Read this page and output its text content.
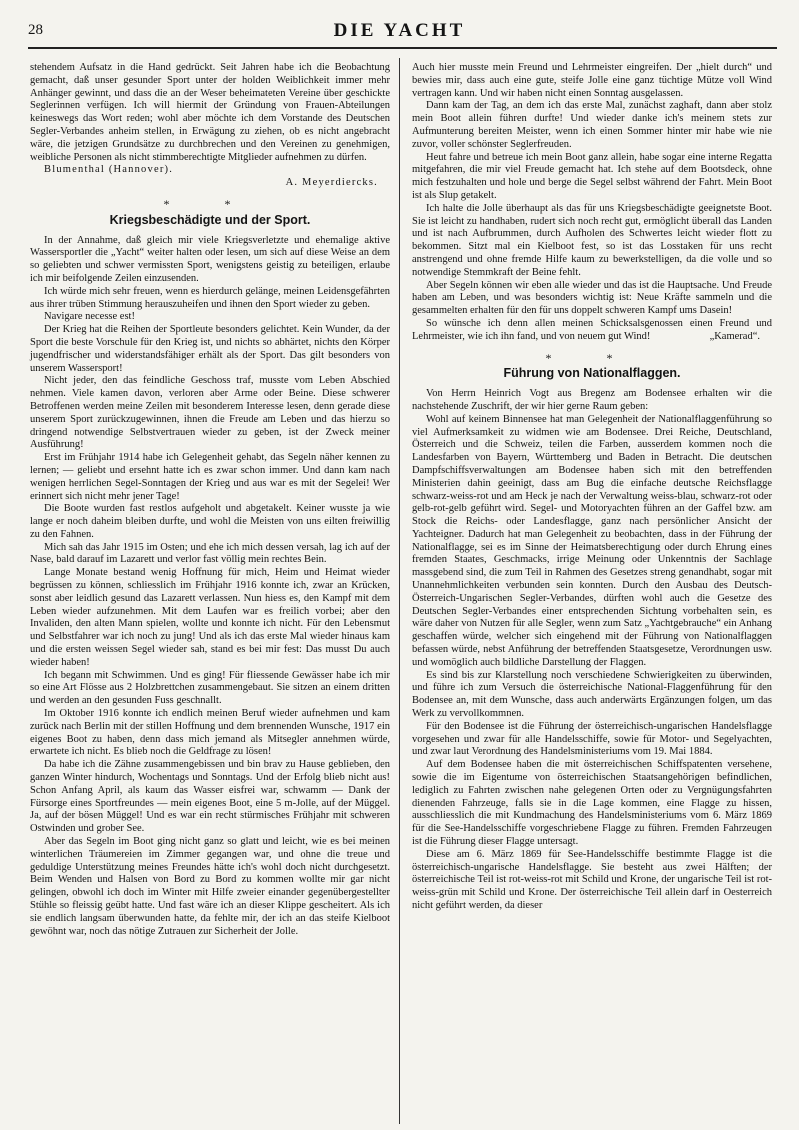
28	DIE YACHT

stehendem Aufsatz in die Hand gedrückt. Seit Jahren habe ich die Beobachtung gemacht, daß unser gesunder Sport unter der holden Weiblichkeit immer mehr Anhänger gewinnt, und dass die an der Weser beheimateten Vereine über geschickte Seglerinnen verfügen. Ich will hiermit der Gründung von Frauen-Abteilungen keineswegs das Wort reden; wohl aber möchte ich dem Vorstande des Deutschen Segler-Verbandes anheim stellen, in Erwägung zu ziehen, ob es nicht angebracht wäre, die jetzigen Grundsätze zu durchbrechen und den Vereinen zu genehmigen, weibliche Personen als nicht stimmberechtigte Mitglieder aufnehmen zu dürfen.

Blumenthal (Hannover).

A. Meyerdiercks.

* *
Kriegsbeschädigte und der Sport.

In der Annahme, daß gleich mir viele Kriegsverletzte und ehemalige aktive Wassersportler die „Yacht“ weiter halten oder lesen, um sich auf diese Weise an dem so geliebten und schwer vermissten Sport, wenigstens geistig zu beteiligen, erlaube ich mir beifolgende Zeilen einzusenden.

Ich würde mich sehr freuen, wenn es hierdurch gelänge, meinen Leidensgefährten aus ihrer trüben Stimmung herauszuheifen und ihnen den Sport wieder zu geben.

Navigare necesse est!

Der Krieg hat die Reihen der Sportleute besonders gelichtet. Kein Wunder, da der Sport die beste Vorschule für den Krieg ist, und nichts so abhärtet, nichts den Körper jugendfrischer und widerstandsfähiger erhält als der Sport. Das gilt besonders von unserem Wassersport!

Nicht jeder, den das feindliche Geschoss traf, musste vom Leben Abschied nehmen. Viele kamen davon, verloren aber Arme oder Beine. Diese schwerer Betroffenen werden meine Zeilen mit besonderem Interesse lesen, denn gerade diese unserem Sport zurückzugewinnen, ihnen die Freude am Leben und das hierzu so dringend notwendige Selbstvertrauen wieder zu geben, ist der Zweck meiner Ausführung!

Erst im Frühjahr 1914 habe ich Gelegenheit gehabt, das Segeln näher kennen zu lernen; — geliebt und ersehnt hatte ich es zwar schon immer. Und dann kam nach wenigen herrlichen Segel-Sonntagen der Krieg und aus war es mit der Segelei! Wer erinnert sich nicht mehr jener Tage!

Die Boote wurden fast restlos aufgeholt und abgetakelt. Keiner wusste ja wie lange er noch daheim bleiben durfte, und wohl die Meisten von uns eilten freiwillig zu den Fahnen.

Mich sah das Jahr 1915 im Osten; und ehe ich mich dessen versah, lag ich auf der Nase, bald darauf im Lazarett und verlor fast völlig mein rechtes Bein.

Lange Monate bestand wenig Hoffnung für mich, Heim und Heimat wieder begrüssen zu können, schliesslich im Frühjahr 1916 konnte ich, zwar an Krücken, sonst aber leidlich gesund das Lazarett verlassen. Nun hiess es, den Kampf mit dem Leben wieder aufzunehmen. Mit dem Laufen war es freilich vorbei; aber den Invaliden, den alten Mann spielen, wollte und konnte ich nicht. Für den Lebensmut und Selbstfahrer war ich noch zu jung! Und als ich das erste Mal wieder hinaus kam und die ersten weissen Segel wieder sah, stand es bei mir fest: Das musst Du auch wieder haben!

Ich begann mit Schwimmen. Und es ging! Für fliessende Gewässer habe ich mir so eine Art Flösse aus 2 Holzbrettchen zusammengebaut. Sie sitzen an einem dritten und werden an den gesunden Fuss geschnallt.

Im Oktober 1916 konnte ich endlich meinen Beruf wieder aufnehmen und kam zurück nach Berlin mit der stillen Hoffnung und dem brennenden Wunsche, 1917 ein eigenes Boot zu haben, denn dass mich jemand als Mitsegler annehmen würde, erwartete ich nicht. Es blieb noch die Geldfrage zu lösen!

Da habe ich die Zähne zusammengebissen und bin brav zu Hause geblieben, den ganzen Winter hindurch, Wochentags und Sonntags. Und der Erfolg blieb nicht aus! Schon Anfang April, als kaum das Wasser eisfrei war, schwamm — Dank der Fürsorge eines Sportfreundes — mein eigenes Boot, eine 5 m-Jolle, auf der Müggel. Ja, auf der bösen Müggel! Und es war ein recht stürmisches Frühjahr mit schweren Ostwinden und grober See.

Aber das Segeln im Boot ging nicht ganz so glatt und leicht, wie es bei meinen winterlichen Träumereien im Zimmer gegangen war, und ohne die treue und geduldige Unterstützung meines Freundes hätte ich's wohl doch nicht durchgesetzt. Beim Wenden und Halsen von Bord zu Bord zu kommen wollte mir gar nicht gelingen, obwohl ich doch im Winter mit Hilfe zweier einander gegenübergestellter Stühle so fleissig geübt hatte. Und fast wäre ich an dieser Klippe gescheitert. Als ich sie endlich langsam überwunden hatte, da fehlte mir, der ich an das steife Kielboot gewöhnt war, noch das nötige Zutrauen zur Sicherheit der Jolle.

Auch hier musste mein Freund und Lehrmeister eingreifen. Der „hielt durch“ und bewies mir, dass auch eine gute, steife Jolle eine ganz tüchtige Mütze voll Wind vertragen kann. Und wir haben nicht einen Sonntag ausgelassen.

Dann kam der Tag, an dem ich das erste Mal, zunächst zaghaft, dann aber stolz mein Boot allein führen durfte! Und wieder danke ich's meinem stets zur Aufmunterung bereiten Meister, wenn ich einen Sommer hinter mir habe wie nie zuvor, voller schönster Seglerfreuden.

Heut fahre und betreue ich mein Boot ganz allein, habe sogar eine interne Regatta mitgefahren, die mir viel Freude gemacht hat. Ich stehe auf dem Bootsdeck, ohne mich festzuhalten und hole und berge die Segel selbst während der Fahrt. Mein Boot ist als Slup getakelt.

Ich halte die Jolle überhaupt als das für uns Kriegsbeschädigte geeignetste Boot. Sie ist leicht zu handhaben, rudert sich noch recht gut, ermöglicht überall das Landen und ist nach Aufbrummen, durch Aufholen des Schwertes leicht wieder flott zu bekommen. Sitzt mal ein Kielboot fest, so ist das Losstaken für uns recht anstrengend und ohne fremde Hilfe kaum zu bewerkstelligen, da die volle und so notwendige Stemmkraft der Beine fehlt.

Aber Segeln können wir eben alle wieder und das ist die Hauptsache. Und Freude haben am Leben, und was besonders wichtig ist: Neue Kräfte sammeln und die gesammelten erhalten für den für uns doppelt schweren Kampf ums Dasein!

So wünsche ich denn allen meinen Schicksalsgenossen einen Freund und Lehrmeister, wie ich ihn fand, und von neuem gut Wind!	„Kamerad“.

* *
Führung von Nationalflaggen.

Von Herrn Heinrich Vogt aus Bregenz am Bodensee erhalten wir die nachstehende Zuschrift, der wir hier gerne Raum geben:

Wohl auf keinem Binnensee hat man Gelegenheit der Nationalflaggenführung so viel Aufmerksamkeit zu widmen wie am Bodensee. Drei Reiche, Deutschland, Österreich und die Schweiz, teilen die Farben, ausserdem kommen noch die Landesfarben von Bayern, Württemberg und Baden in Betracht. Die deutschen Dampfschiffsverwaltungen am Bodensee haben sich mit den betreffenden Ministerien dahin geeinigt, dass am Bug die einfache deutsche Reichsflagge schwarz-weiss-rot und am Heck je nach der Verwaltung weiss-blau, schwarz-rot oder gelb-rot-gelb geführt wird. Segel- und Motoryachten führen an der Gaffel bzw. am Stock die Reichs- oder Landesflagge, ganz nach persönlicher Ansicht der Yachteigner. Dadurch hat man Gelegenheit zu beobachten, dass in der Führung der Nationalflagge, sei es im Sinne der Heimatsberechtigung oder durch Ehrung eines fremden Staates, Geschmacks, irrige Meinung oder Unkenntnis der Sachlage massgebend sind, die zum Teil in Rahmen des Gesetzes streng genandhabt, sogar mit Unannehmlichkeiten verbunden sein konnten. Durch den Ausbau des Deutsch-Österreich-Ungarischen Segler-Verbandes, dürften wohl auch die Gesetze des Deutschen Segler-Verbandes einer entsprechenden Sichtung vorbehalten sein, es wäre daher von Nutzen für alle Segler, wenn zum Satz „Yachtgebrauche“ ein Anhang geschaffen würde, welcher sich eingehend mit der Führung von Nationalflaggen befassen würde, nebst Anführung der betreffenden Staatsgesetze, Verordnungen usw. und womöglich auch bildliche Darstellung der Flaggen.

Es sind bis zur Klarstellung noch verschiedene Schwierigkeiten zu überwinden, und führe ich zum Versuch die österreichische National-Flaggenführung für den Bodensee an, mit dem Wunsche, dass auch anderwärts Ergänzungen folgen, um das Werk zu vervollkommnen.

Für den Bodensee ist die Führung der österreichisch-ungarischen Handelsflagge vorgesehen und zwar für alle Handelsschiffe, sowie für Motor- und Segelyachten, und zwar laut Verordnung des Handelsministeriums vom 19. Mai 1884.

Auf dem Bodensee haben die mit österreichischen Schiffspatenten versehene, sowie die im Eigentume von österreichischen Staatsangehörigen befindlichen, lediglich zu Fahrten zwischen nahe gelegenen Orten oder zu Vergnügungsfahrten dienenden Fahrzeuge, falls sie in die Lage kommen, eine Flagge zu hissen, ausschliesslich die mit Kundmachung des Handelsministeriums vom 6. März 1869 für die See-Handelsschiffe vorgeschriebene Flagge zu führen. Fremden Fahrzeugen ist die Führung dieser Flagge untersagt.

Diese am 6. März 1869 für See-Handelsschiffe bestimmte Flagge ist die österreichisch-ungarische Handelsflagge. Sie besteht aus zwei Hälften; der österreichische Teil ist rot-weiss-rot mit Schild und Krone, der ungarische Teil ist rot-weiss-grün mit Schild und Krone. Der österreichische Teil allein darf in Oesterreich nicht geführt werden, da dieser
